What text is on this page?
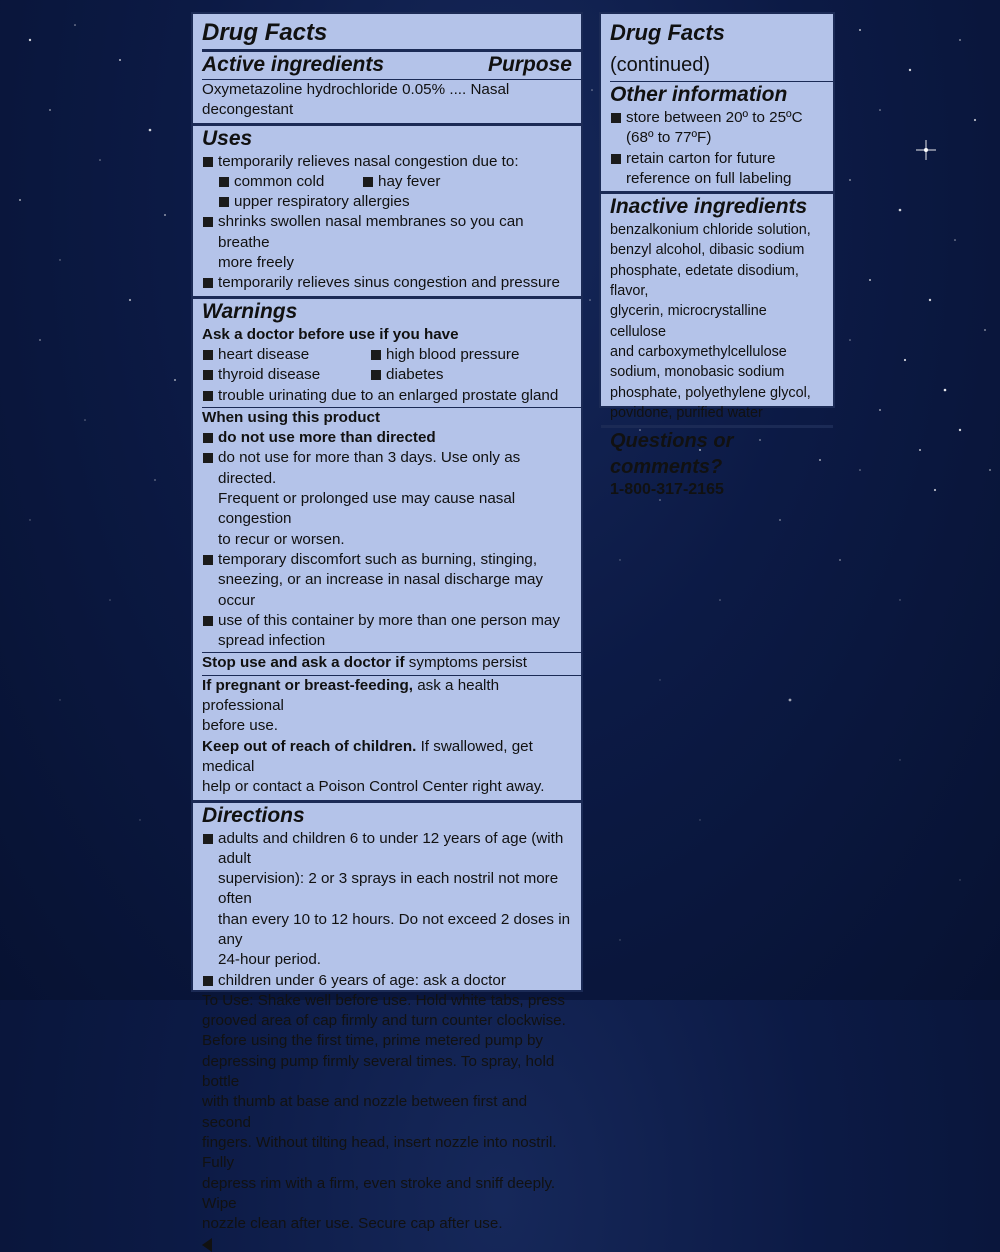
Drug Facts
Active ingredients	Purpose
Oxymetazoline hydrochloride 0.05% .... Nasal decongestant
Uses
temporarily relieves nasal congestion due to:
common cold	hay fever
upper respiratory allergies
shrinks swollen nasal membranes so you can breathe
more freely
temporarily relieves sinus congestion and pressure
Warnings
Ask a doctor before use if you have
heart disease	high blood pressure
thyroid disease	diabetes
trouble urinating due to an enlarged prostate gland
When using this product
do not use more than directed
do not use for more than 3 days. Use only as directed.
Frequent or prolonged use may cause nasal congestion
to recur or worsen.
temporary discomfort such as burning, stinging,
sneezing, or an increase in nasal discharge may occur
use of this container by more than one person may
spread infection
Stop use and ask a doctor if symptoms persist
If pregnant or breast-feeding, ask a health professional
before use.
Keep out of reach of children. If swallowed, get medical
help or contact a Poison Control Center right away.
Directions
adults and children 6 to under 12 years of age (with adult
supervision): 2 or 3 sprays in each nostril not more often
than every 10 to 12 hours. Do not exceed 2 doses in any
24-hour period.
children under 6 years of age: ask a doctor
To Use: Shake well before use. Hold white tabs, press
grooved area of cap firmly and turn counter clockwise.
Before using the first time, prime metered pump by
depressing pump firmly several times. To spray, hold bottle
with thumb at base and nozzle between first and second
fingers. Without tilting head, insert nozzle into nostril. Fully
depress rim with a firm, even stroke and sniff deeply. Wipe
nozzle clean after use. Secure cap after use.
Drug Facts (continued)
Other information
store between 20º to 25ºC
(68º to 77ºF)
retain carton for future
reference on full labeling
Inactive ingredients
benzalkonium chloride solution,
benzyl alcohol, dibasic sodium
phosphate, edetate disodium, flavor,
glycerin, microcrystalline cellulose
and carboxymethylcellulose
sodium, monobasic sodium
phosphate, polyethylene glycol,
povidone, purified water
Questions or comments?
1-800-317-2165
